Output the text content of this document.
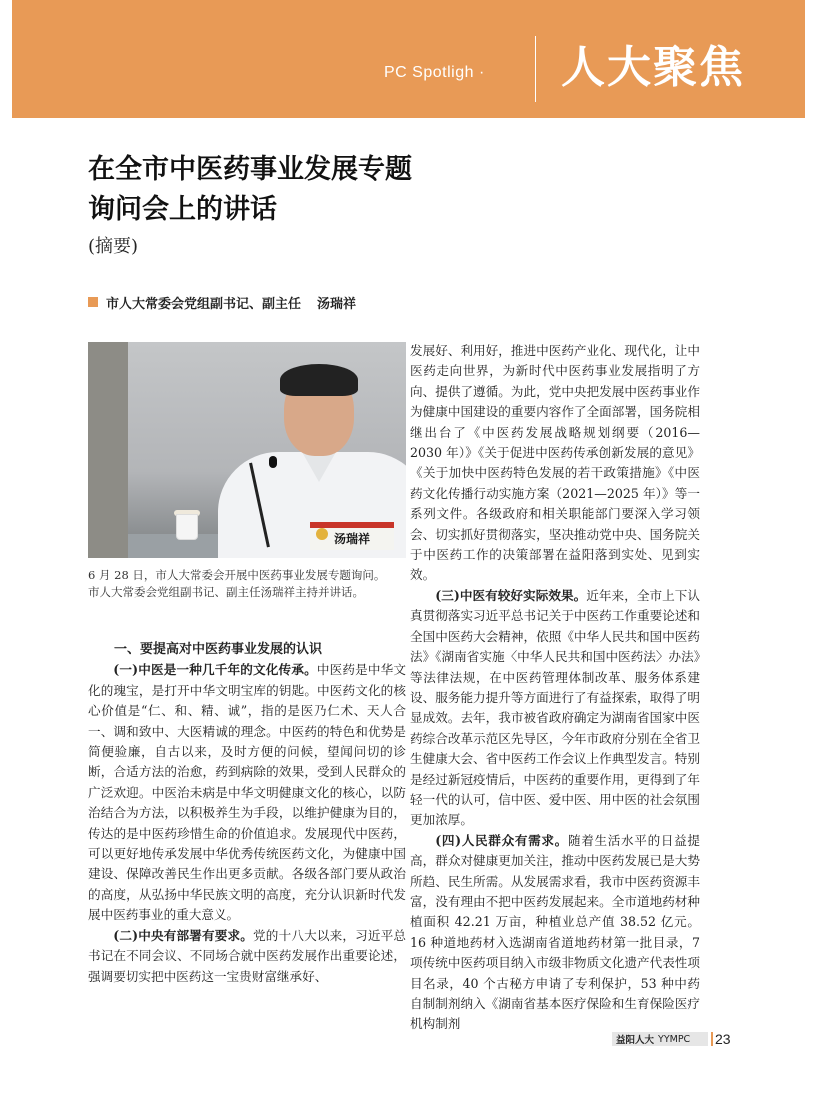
PC Spotligh ·	人大聚焦
在全市中医药事业发展专题
询问会上的讲话
(摘要)
市人大常委会党组副书记、副主任 汤瑞祥
汤瑞祥
6 月 28 日，市人大常委会开展中医药事业发展专题询问。
市人大常委会党组副书记、副主任汤瑞祥主持并讲话。

一、要提高对中医药事业发展的认识

(一)中医是一种几千年的文化传承。中医药是中华文化的瑰宝，是打开中华文明宝库的钥匙。中医药文化的核心价值是“仁、和、精、诚”，指的是医乃仁术、天人合一、调和致中、大医精诚的理念。中医药的特色和优势是简便验廉，自古以来，及时方便的问候，望闻问切的诊断，合适方法的治愈，药到病除的效果，受到人民群众的广泛欢迎。中医治未病是中华文明健康文化的核心，以防治结合为方法，以积极养生为手段，以维护健康为目的，传达的是中医药珍惜生命的价值追求。发展现代中医药，可以更好地传承发展中华优秀传统医药文化，为健康中国建设、保障改善民生作出更多贡献。各级各部门要从政治的高度，从弘扬中华民族文明的高度，充分认识新时代发展中医药事业的重大意义。

(二)中央有部署有要求。党的十八大以来，习近平总书记在不同会议、不同场合就中医药发展作出重要论述，强调要切实把中医药这一宝贵财富继承好、

发展好、利用好，推进中医药产业化、现代化，让中医药走向世界，为新时代中医药事业发展指明了方向、提供了遵循。为此，党中央把发展中医药事业作为健康中国建设的重要内容作了全面部署，国务院相继出台了《中医药发展战略规划纲要（2016—2030 年）》《关于促进中医药传承创新发展的意见》《关于加快中医药特色发展的若干政策措施》《中医药文化传播行动实施方案（2021—2025 年）》等一系列文件。各级政府和相关职能部门要深入学习领会、切实抓好贯彻落实，坚决推动党中央、国务院关于中医药工作的决策部署在益阳落到实处、见到实效。

(三)中医有较好实际效果。近年来，全市上下认真贯彻落实习近平总书记关于中医药工作重要论述和全国中医药大会精神，依照《中华人民共和国中医药法》《湖南省实施〈中华人民共和国中医药法〉办法》等法律法规，在中医药管理体制改革、服务体系建设、服务能力提升等方面进行了有益探索，取得了明显成效。去年，我市被省政府确定为湖南省国家中医药综合改革示范区先导区，今年市政府分别在全省卫生健康大会、省中医药工作会议上作典型发言。特别是经过新冠疫情后，中医药的重要作用，更得到了年轻一代的认可，信中医、爱中医、用中医的社会氛围更加浓厚。

(四)人民群众有需求。随着生活水平的日益提高，群众对健康更加关注，推动中医药发展已是大势所趋、民生所需。从发展需求看，我市中医药资源丰富，没有理由不把中医药发展起来。全市道地药材种植面积 42.21 万亩，种植业总产值 38.52 亿元。16 种道地药材入选湖南省道地药材第一批目录，7 项传统中医药项目纳入市级非物质文化遗产代表性项目名录，40 个古秘方申请了专利保护，53 种中药自制制剂纳入《湖南省基本医疗保险和生育保险医疗机构制剂

益阳人大 YYMPC 23
